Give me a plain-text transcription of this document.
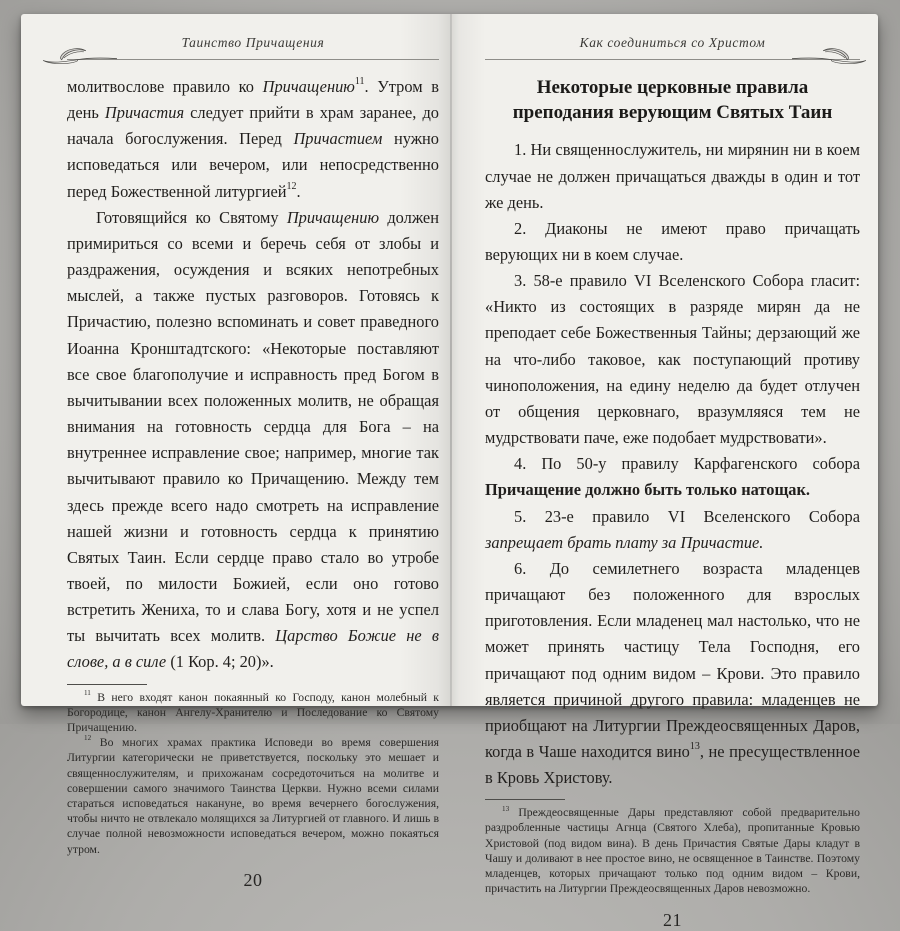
Таинство Причащения

молитвослове правило ко Причащению$^{11}$. Утром в день Причастия следует прийти в храм заранее, до начала богослужения. Перед Причастием нужно исповедаться или вечером, или непосредственно перед Божественной литургией$^{12}$.

Готовящийся ко Святому Причащению должен примириться со всеми и беречь себя от злобы и раздражения, осуждения и всяких непотребных мыслей, а также пустых разговоров. Готовясь к Причастию, полезно вспоминать и совет праведного Иоанна Кронштадтского: «Некоторые поставляют все свое благополучие и исправность пред Богом в вычитывании всех положенных молитв, не обращая внимания на готовность сердца для Бога – на внутреннее исправление свое; например, многие так вычитывают правило ко Причащению. Между тем здесь прежде всего надо смотреть на исправление нашей жизни и готовность сердца к принятию Святых Таин. Если сердце право стало во утробе твоей, по милости Божией, если оно готово встретить Жениха, то и слава Богу, хотя и не успел ты вычитать всех молитв. Царство Божие не в слове, а в силе (1 Кор. 4; 20)».

$^{11}$ В него входят канон покаянный ко Господу, канон молебный к Богородице, канон Ангелу-Хранителю и Последование ко Святому Причащению.

$^{12}$ Во многих храмах практика Исповеди во время совершения Литургии категорически не приветствуется, поскольку это мешает и священнослужителям, и прихожанам сосредоточиться на молитве и совершении самого значимого Таинства Церкви. Нужно всеми силами стараться исповедаться накануне, во время вечернего богослужения, чтобы ничто не отвлекало молящихся за Литургией от главного. И лишь в случае полной невозможности исповедаться вечером, можно покаяться утром.

20
Как соединиться со Христом
Некоторые церковные правила преподания верующим Святых Таин

1. Ни священнослужитель, ни мирянин ни в коем случае не должен причащаться дважды в один и тот же день.

2. Диаконы не имеют право причащать верующих ни в коем случае.

3. 58-е правило VI Вселенского Собора гласит: «Никто из состоящих в разряде мирян да не преподает себе Божественныя Тайны; дерзающий же на что-либо таковое, как поступающий противу чиноположения, на едину неделю да будет отлучен от общения церковнаго, вразумляяся тем не мудрствовати паче, еже подобает мудрствовати».

4. По 50-у правилу Карфагенского собора Причащение должно быть только натощак.

5. 23-е правило VI Вселенского Собора запрещает брать плату за Причастие.

6. До семилетнего возраста младенцев причащают без положенного для взрослых приготовления. Если младенец мал настолько, что не может принять частицу Тела Господня, его причащают под одним видом – Крови. Это правило является причиной другого правила: младенцев не приобщают на Литургии Преждеосвященных Даров, когда в Чаше находится вино$^{13}$, не пресуществленное в Кровь Христову.

$^{13}$ Преждеосвященные Дары представляют собой предварительно раздробленные частицы Агнца (Святого Хлеба), пропитанные Кровью Христовой (под видом вина). В день Причастия Святые Дары кладут в Чашу и доливают в нее простое вино, не освященное в Таинстве. Поэтому младенцев, которых причащают только под одним видом – Крови, причастить на Литургии Преждеосвященных Даров невозможно.

21
